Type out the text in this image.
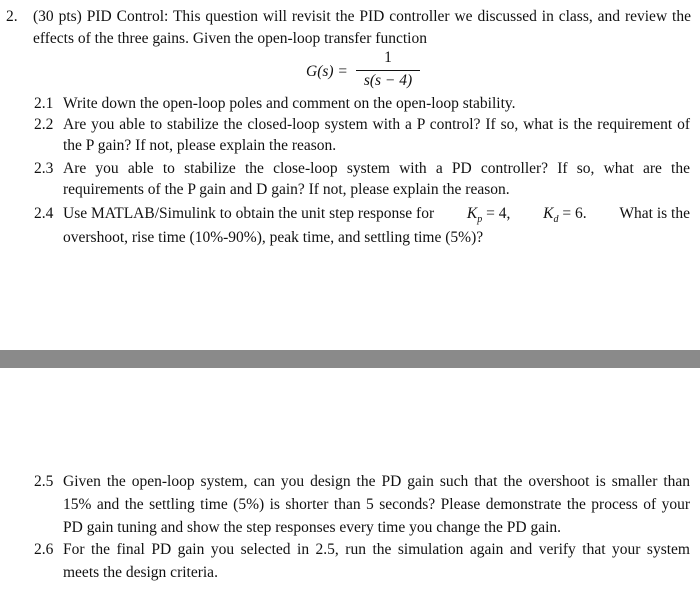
2. (30 pts) PID Control: This question will revisit the PID controller we discussed in class, and review the
effects of the three gains. Given the open-loop transfer function
G(s) =
1
s(s − 4)
2.1 Write down the open-loop poles and comment on the open-loop stability.
2.2 Are you able to stabilize the closed-loop system with a P control? If so, what is the requirement of
the P gain? If not, please explain the reason.
2.3 Are you able to stabilize the close-loop system with a PD controller? If so, what are the
requirements of the P gain and D gain? If not, please explain the reason.
2.4 Use MATLAB/Simulink to obtain the unit step response for $K_p = 4$, $K_d = 6$. What is the
overshoot, rise time (10%-90%), peak time, and settling time (5%)?
2.5 Given the open-loop system, can you design the PD gain such that the overshoot is smaller than
15% and the settling time (5%) is shorter than 5 seconds? Please demonstrate the process of your
PD gain tuning and show the step responses every time you change the PD gain.
2.6 For the final PD gain you selected in 2.5, run the simulation again and verify that your system
meets the design criteria.
